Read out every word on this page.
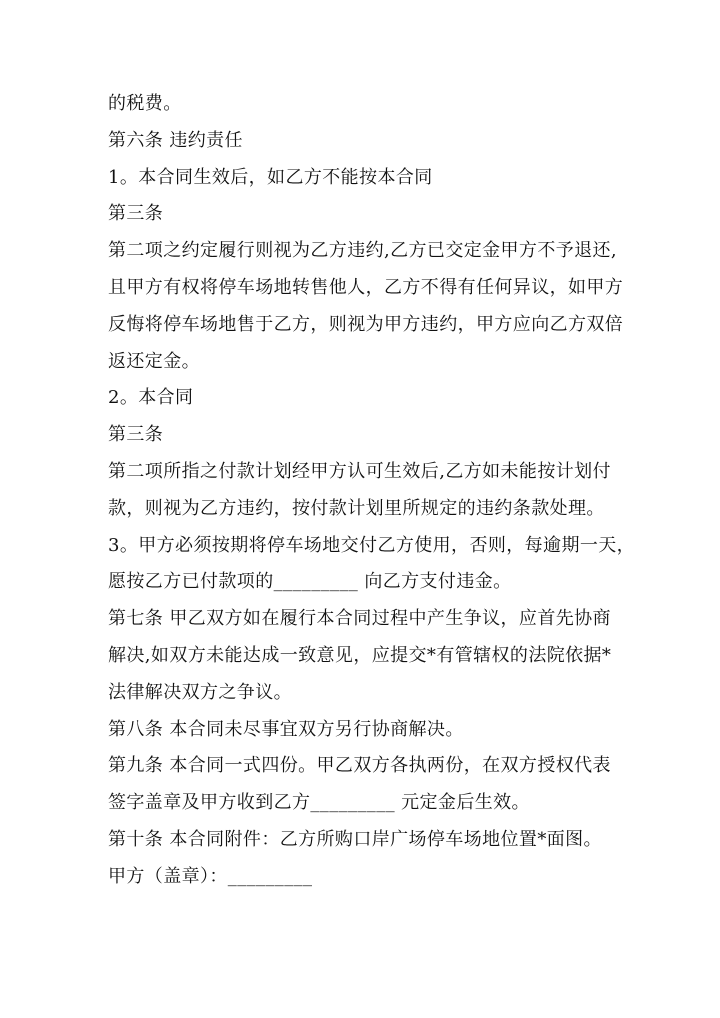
的税费。
第六条 违约责任
1。本合同生效后，如乙方不能按本合同
第三条
第二项之约定履行则视为乙方违约,乙方已交定金甲方不予退还,
且甲方有权将停车场地转售他人，乙方不得有任何异议，如甲方
反悔将停车场地售于乙方，则视为甲方违约，甲方应向乙方双倍
返还定金。
2。本合同
第三条
第二项所指之付款计划经甲方认可生效后,乙方如未能按计划付
款，则视为乙方违约，按付款计划里所规定的违约条款处理。
3。甲方必须按期将停车场地交付乙方使用，否则，每逾期一天，
愿按乙方已付款项的_________ 向乙方支付违金。
第七条 甲乙双方如在履行本合同过程中产生争议，应首先协商
解决,如双方未能达成一致意见，应提交*有管辖权的法院依据*
法律解决双方之争议。
第八条 本合同未尽事宜双方另行协商解决。
第九条 本合同一式四份。甲乙双方各执两份，在双方授权代表
签字盖章及甲方收到乙方_________ 元定金后生效。
第十条 本合同附件：乙方所购口岸广场停车场地位置*面图。
甲方（盖章）：_________
